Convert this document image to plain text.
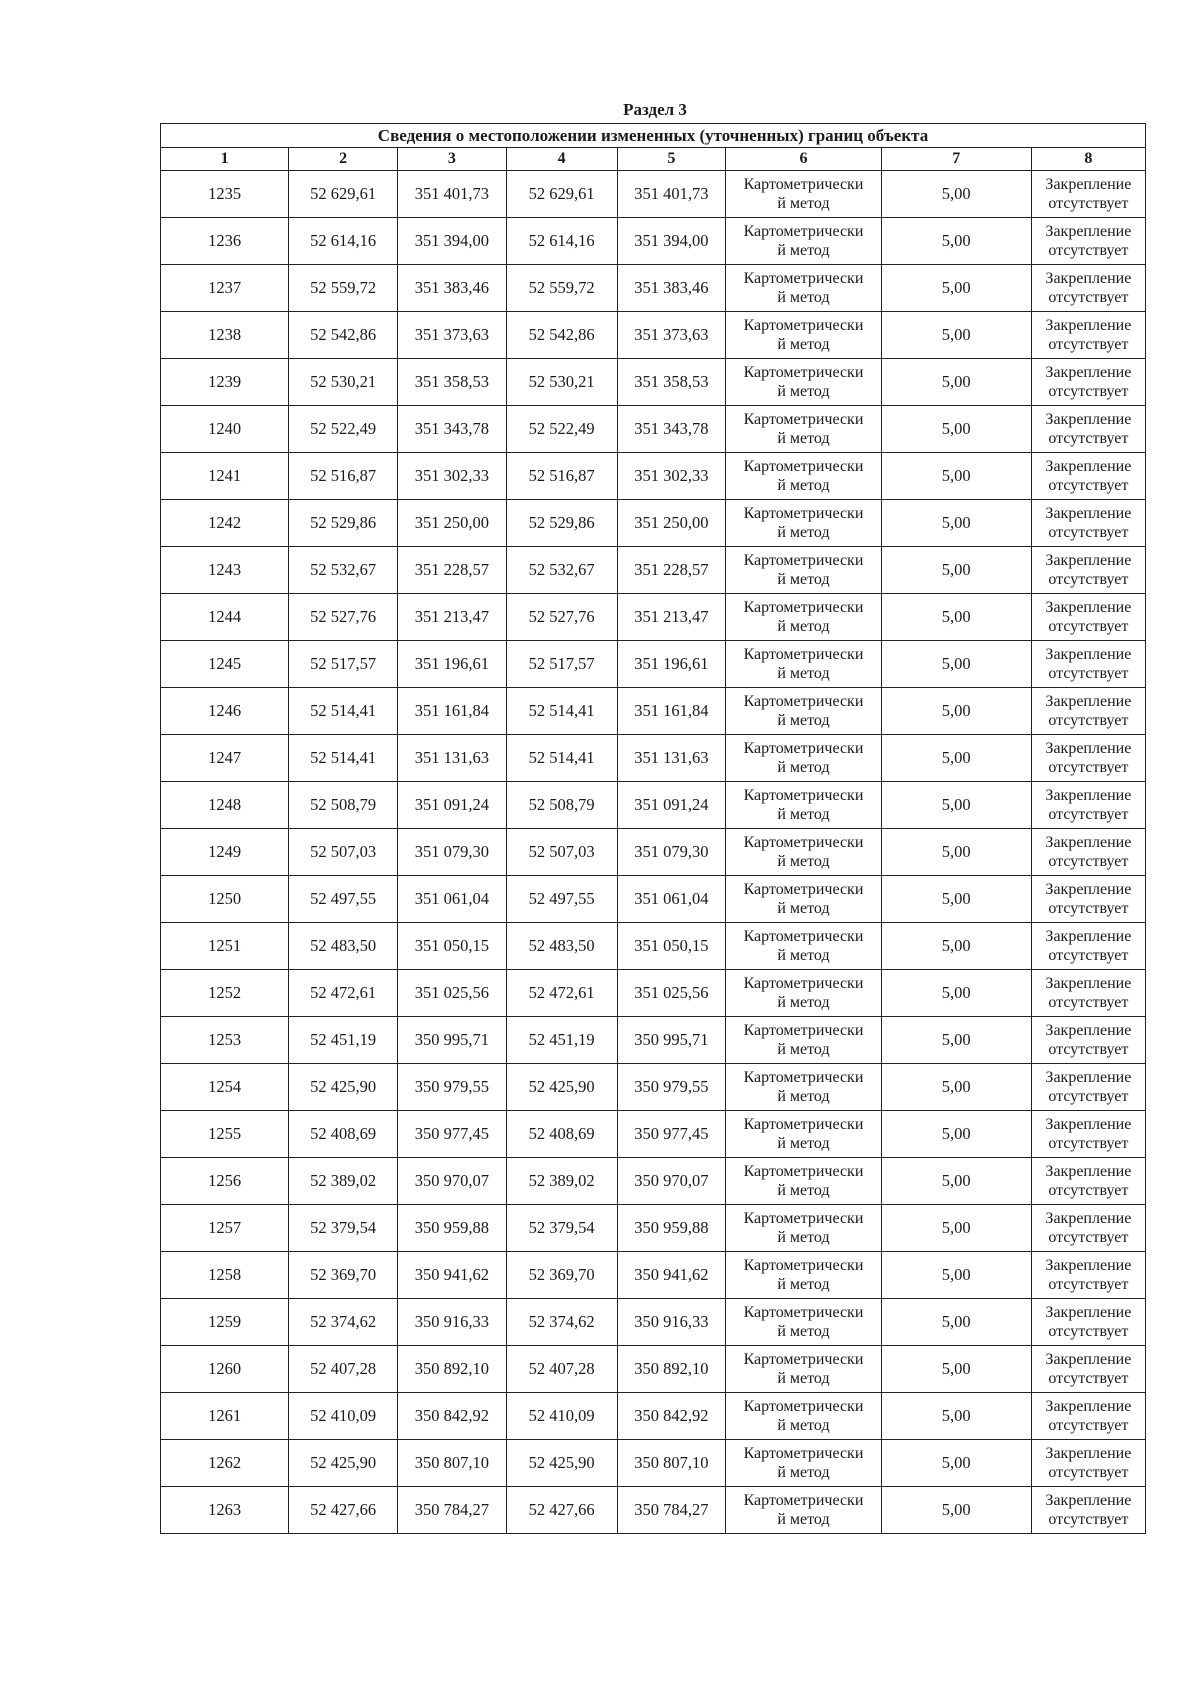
Раздел 3
Сведения о местоположении измененных (уточненных) границ объекта							
1	2	3	4	5	6	7	8
1235	52 629,61	351 401,73	52 629,61	351 401,73	Картометрически
й метод	5,00	Закрепление
отсутствует

1236	52 614,16	351 394,00	52 614,16	351 394,00	Картометрически
й метод	5,00	Закрепление
отсутствует

1237	52 559,72	351 383,46	52 559,72	351 383,46	Картометрически
й метод	5,00	Закрепление
отсутствует

1238	52 542,86	351 373,63	52 542,86	351 373,63	Картометрически
й метод	5,00	Закрепление
отсутствует

1239	52 530,21	351 358,53	52 530,21	351 358,53	Картометрически
й метод	5,00	Закрепление
отсутствует

1240	52 522,49	351 343,78	52 522,49	351 343,78	Картометрически
й метод	5,00	Закрепление
отсутствует

1241	52 516,87	351 302,33	52 516,87	351 302,33	Картометрически
й метод	5,00	Закрепление
отсутствует

1242	52 529,86	351 250,00	52 529,86	351 250,00	Картометрически
й метод	5,00	Закрепление
отсутствует

1243	52 532,67	351 228,57	52 532,67	351 228,57	Картометрически
й метод	5,00	Закрепление
отсутствует

1244	52 527,76	351 213,47	52 527,76	351 213,47	Картометрически
й метод	5,00	Закрепление
отсутствует

1245	52 517,57	351 196,61	52 517,57	351 196,61	Картометрически
й метод	5,00	Закрепление
отсутствует

1246	52 514,41	351 161,84	52 514,41	351 161,84	Картометрически
й метод	5,00	Закрепление
отсутствует

1247	52 514,41	351 131,63	52 514,41	351 131,63	Картометрически
й метод	5,00	Закрепление
отсутствует

1248	52 508,79	351 091,24	52 508,79	351 091,24	Картометрически
й метод	5,00	Закрепление
отсутствует

1249	52 507,03	351 079,30	52 507,03	351 079,30	Картометрически
й метод	5,00	Закрепление
отсутствует

1250	52 497,55	351 061,04	52 497,55	351 061,04	Картометрически
й метод	5,00	Закрепление
отсутствует

1251	52 483,50	351 050,15	52 483,50	351 050,15	Картометрически
й метод	5,00	Закрепление
отсутствует

1252	52 472,61	351 025,56	52 472,61	351 025,56	Картометрически
й метод	5,00	Закрепление
отсутствует

1253	52 451,19	350 995,71	52 451,19	350 995,71	Картометрически
й метод	5,00	Закрепление
отсутствует

1254	52 425,90	350 979,55	52 425,90	350 979,55	Картометрически
й метод	5,00	Закрепление
отсутствует

1255	52 408,69	350 977,45	52 408,69	350 977,45	Картометрически
й метод	5,00	Закрепление
отсутствует

1256	52 389,02	350 970,07	52 389,02	350 970,07	Картометрически
й метод	5,00	Закрепление
отсутствует

1257	52 379,54	350 959,88	52 379,54	350 959,88	Картометрически
й метод	5,00	Закрепление
отсутствует

1258	52 369,70	350 941,62	52 369,70	350 941,62	Картометрически
й метод	5,00	Закрепление
отсутствует

1259	52 374,62	350 916,33	52 374,62	350 916,33	Картометрически
й метод	5,00	Закрепление
отсутствует

1260	52 407,28	350 892,10	52 407,28	350 892,10	Картометрически
й метод	5,00	Закрепление
отсутствует

1261	52 410,09	350 842,92	52 410,09	350 842,92	Картометрически
й метод	5,00	Закрепление
отсутствует

1262	52 425,90	350 807,10	52 425,90	350 807,10	Картометрически
й метод	5,00	Закрепление
отсутствует

1263	52 427,66	350 784,27	52 427,66	350 784,27	Картометрически
й метод	5,00	Закрепление
отсутствует
